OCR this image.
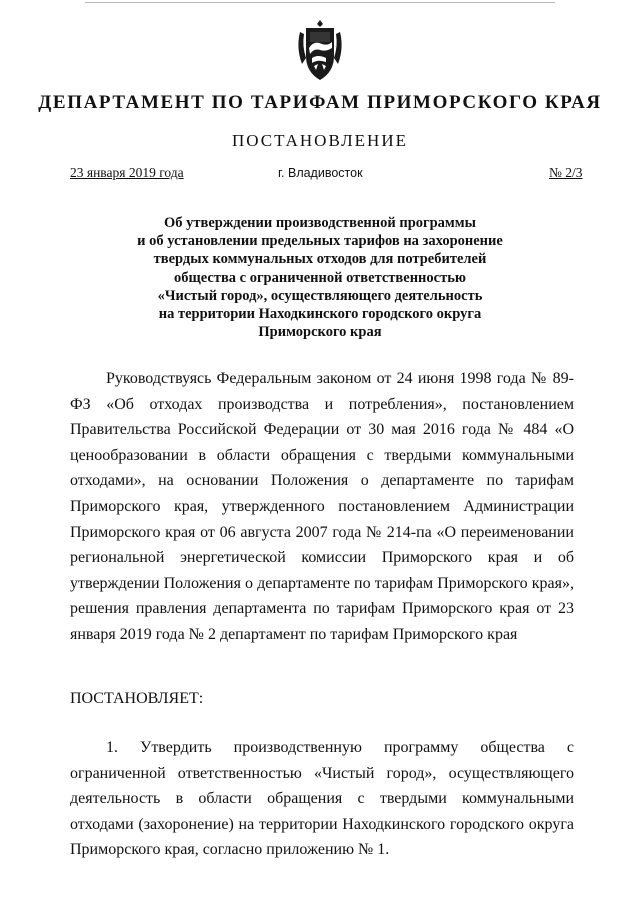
ДЕПАРТАМЕНТ ПО ТАРИФАМ ПРИМОРСКОГО КРАЯ
ПОСТАНОВЛЕНИЕ
23 января 2019 года	г. Владивосток	№ 2/3
Об утверждении производственной программы
и об установлении предельных тарифов на захоронение
твердых коммунальных отходов для потребителей
общества с ограниченной ответственностью
«Чистый город», осуществляющего деятельность
на территории Находкинского городского округа
Приморского края
Руководствуясь Федеральным законом от 24 июня 1998 года № 89-ФЗ «Об отходах производства и потребления», постановлением Правительства Российской Федерации от 30 мая 2016 года № 484 «О ценообразовании в области обращения с твердыми коммунальными отходами», на основании Положения о департаменте по тарифам Приморского края, утвержденного постановлением Администрации Приморского края от 06 августа 2007 года № 214-па «О переименовании региональной энергетической комиссии Приморского края и об утверждении Положения о департаменте по тарифам Приморского края», решения правления департамента по тарифам Приморского края от 23 января 2019 года № 2 департамент по тарифам Приморского края
ПОСТАНОВЛЯЕТ:
1. Утвердить производственную программу общества с ограниченной ответственностью «Чистый город», осуществляющего деятельность в области обращения с твердыми коммунальными отходами (захоронение) на территории Находкинского городского округа Приморского края, согласно приложению № 1.
